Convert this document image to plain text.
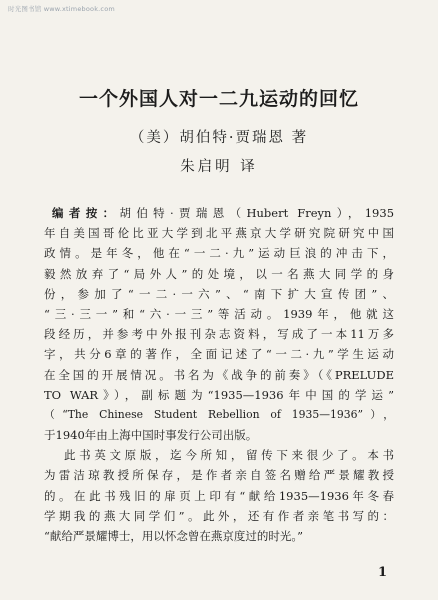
时光图书馆 www.xtimebook.com
一个外国人对一二九运动的回忆
（美）胡伯特·贾瑞恩 著
朱启明 译
编者按：胡伯特·贾瑞恩（Hubert Freyn），1935
年自美国哥伦比亚大学到北平燕京大学研究院研究中国
政情。是年冬，他在“一二·九”运动巨浪的冲击下，
毅然放弃了“局外人”的处境，以一名燕大同学的身
份，参加了“一二·一六”、“南下扩大宣传团”、
“三·三一”和“六·一三”等活动。1939年，他就这
段经历，并参考中外报刊杂志资料，写成了一本11万多
字，共分6章的著作，全面记述了“一二·九”学生运动
在全国的开展情况。书名为《战争的前奏》（《PRELUDE
TO WAR》），副标题为“1935—1936年中国的学运”
（“The Chinese Student Rebellion of 1935—1936”），
于1940年由上海中国时事发行公司出版。
此书英文原版，迄今所知，留传下来很少了。本书
为雷洁琼教授所保存，是作者亲自签名赠给严景耀教授
的。在此书残旧的扉页上印有“献给1935—1936年冬春
学期我的燕大同学们”。此外，还有作者亲笔书写的：
“献给严景耀博士，用以怀念曾在燕京度过的时光。”
1
